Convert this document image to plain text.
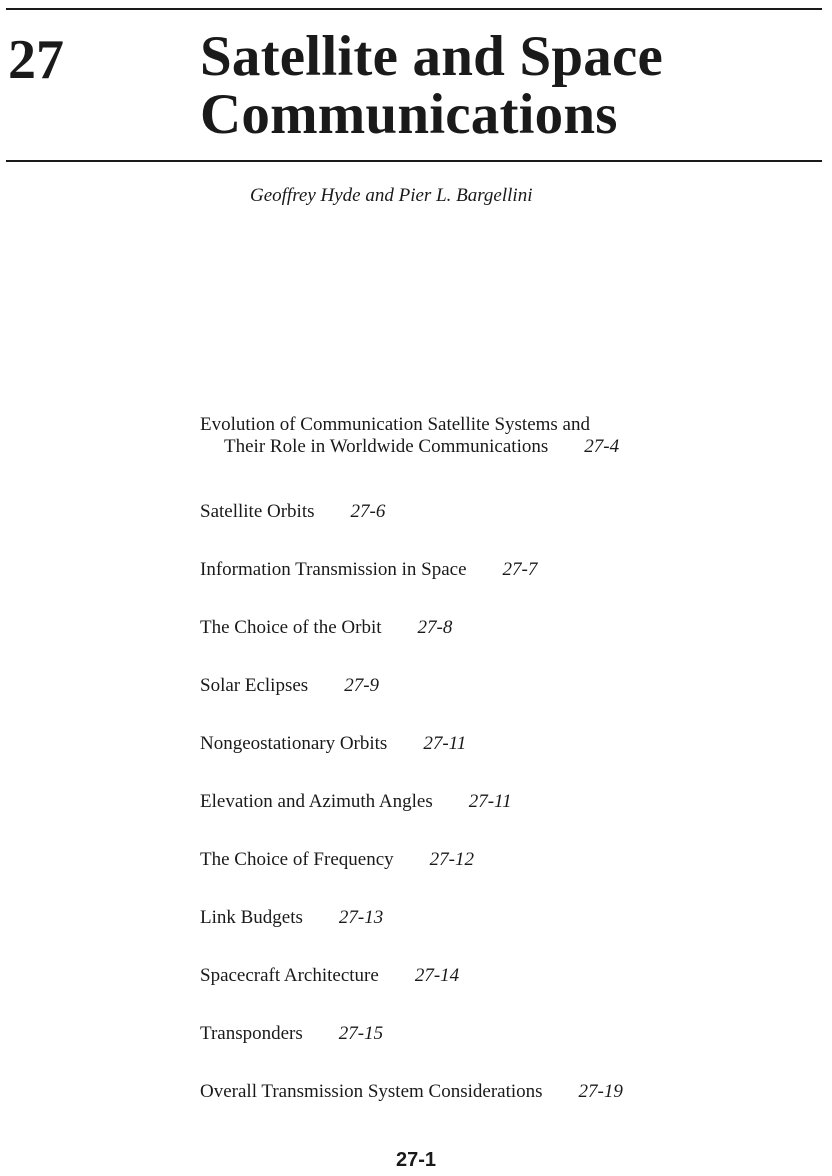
27 Satellite and Space
Communications

Geoffrey Hyde and Pier L. Bargellini

Evolution of Communication Satellite Systems and
Their Role in Worldwide Communications 27-4
Satellite Orbits 27-6
Information Transmission in Space 27-7
The Choice of the Orbit 27-8
Solar Eclipses 27-9
Nongeostationary Orbits 27-11
Elevation and Azimuth Angles 27-11
The Choice of Frequency 27-12
Link Budgets 27-13
Spacecraft Architecture 27-14
Transponders 27-15
Overall Transmission System Considerations 27-19

27-1
